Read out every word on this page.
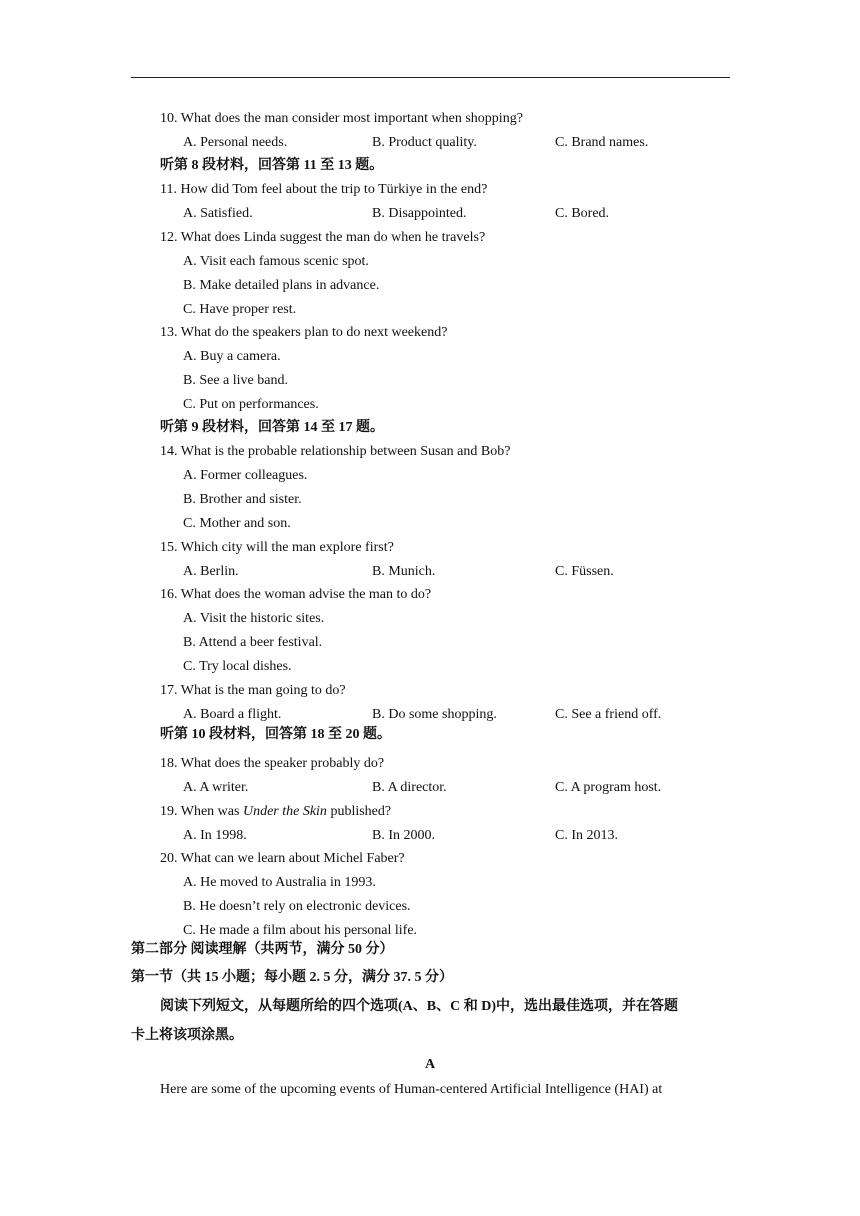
10. What does the man consider most important when shopping?
A. Personal needs.	B. Product quality.	C. Brand names.
听第 8 段材料，回答第 11 至 13 题。
11. How did Tom feel about the trip to Türkiye in the end?
A. Satisfied.	B. Disappointed.	C. Bored.
12. What does Linda suggest the man do when he travels?
A. Visit each famous scenic spot.
B. Make detailed plans in advance.
C. Have proper rest.
13. What do the speakers plan to do next weekend?
A. Buy a camera.
B. See a live band.
C. Put on performances.
听第 9 段材料，回答第 14 至 17 题。
14. What is the probable relationship between Susan and Bob?
A. Former colleagues.
B. Brother and sister.
C. Mother and son.
15. Which city will the man explore first?
A. Berlin.	B. Munich.	C. Füssen.
16. What does the woman advise the man to do?
A. Visit the historic sites.
B. Attend a beer festival.
C. Try local dishes.
17. What is the man going to do?
A. Board a flight.	B. Do some shopping.	C. See a friend off.
听第 10 段材料，回答第 18 至 20 题。
18. What does the speaker probably do?
A. A writer.	B. A director.	C. A program host.
19. When was Under the Skin published?
A. In 1998.	B. In 2000.	C. In 2013.
20. What can we learn about Michel Faber?
A. He moved to Australia in 1993.
B. He doesn’t rely on electronic devices.
C. He made a film about his personal life.
第二部分 阅读理解（共两节，满分 50 分）
第一节（共 15 小题；每小题 2. 5 分，满分 37. 5 分）
阅读下列短文，从每题所给的四个选项(A、B、C 和 D)中，选出最佳选项，并在答题
卡上将该项涂黑。
A
Here are some of the upcoming events of Human-centered Artificial Intelligence (HAI) at
